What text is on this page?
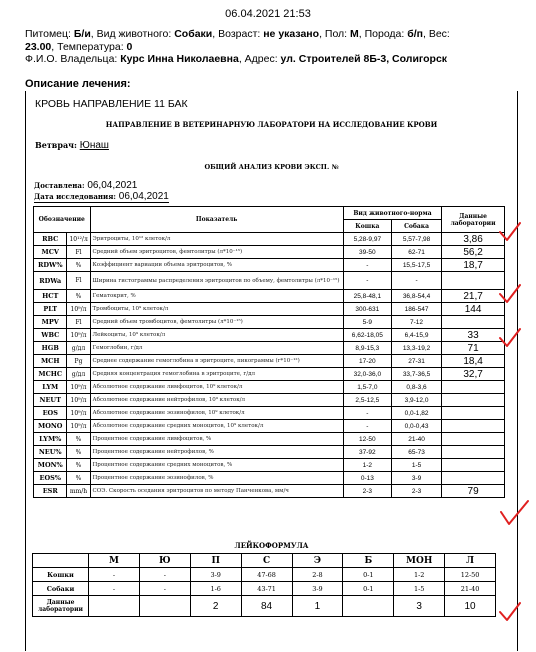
06.04.2021 21:53
Питомец: Б/и, Вид животного: Собаки, Возраст: не указано, Пол: М, Порода: б/п, Вес:
23.00, Температура: 0
Ф.И.О. Владельца: Курс Инна Николаевна, Адрес: ул. Строителей 8Б-3, Солигорск
Описание лечения:
КРОВЬ НАПРАВЛЕНИЕ 11 БАК
НАПРАВЛЕНИЕ В ВЕТЕРИНАРНУЮ ЛАБОРАТОРИ НА ИССЛЕДОВАНИЕ КРОВИ
Ветврач: Юнаш
ОБЩИЙ АНАЛИЗ КРОВИ ЭКСП. №
Доставлена: 06,04,2021
Дата исследования: 06,04,2021
Обозначение		Показатель	Вид животного-норма		Данные лаборатории
			Кошка	Собака	
RBC	10¹²/л	Эритроциты, 10¹² клеток/л	5,28-9,97	5,57-7,98	3,86
MCV	Fl	Средний объем эритроцитов, фемтолитры (л*10⁻¹⁵)	39-50	62-71	56,2
RDW%	%	Коэффициент вариации объема эритроцитов, %	-	15,5-17,5	18,7
RDWa	Fl	Ширина гистограммы распределения эритроцитов по объему, фемтолитры (л*10⁻¹⁵)	-	-	
HCT	%	Гематокрит, %	25,8-48,1	36,8-54,4	21,7
PLT	10⁹/л	Тромбоциты, 10⁹ клеток/л	300-631	186-547	144
MPV	Fl	Средний объем тромбоцитов, фемтолитры (л*10⁻¹⁵)	5-9	7-12	
WBC	10⁹/л	Лейкоциты, 10⁹ клеток/л	6,62-18,05	6,4-15,9	33
HGB	g/дл	Гемоглобин, г/дл	8,9-15,3	13,3-19,2	71
MCH	Pg	Среднее содержание гемоглобина в эритроците, пикограммы (г*10⁻¹²)	17-20	27-31	18,4
MCHC	g/дл	Средняя концентрация гемоглобина в эритроците, г/дл	32,0-36,0	33,7-36,5	32,7
LYM	10⁹/л	Абсолютное содержание лимфоцитов, 10⁹ клеток/л	1,5-7,0	0,8-3,6	
NEUT	10⁹/л	Абсолютное содержание нейтрофилов, 10⁹ клеток/л	2,5-12,5	3,9-12,0	
EOS	10⁹/л	Абсолютное содержание эозинофилов, 10⁹ клеток/л	-	0,0-1,82	
MONO	10⁹/л	Абсолютное содержание средних моноцитов, 10⁹ клеток/л	-	0,0-0,43	
LYM%	%	Процентное содержание лимфоцитов, %	12-50	21-40	
NEU%	%	Процентное содержание нейтрофилов, %	37-92	65-73	
MON%	%	Процентное содержание средних моноцитов, %	1-2	1-5	
EOS%	%	Процентное содержание эозинофилов, %	0-13	3-9	
ESR	mm/h	СОЭ. Скорость оседания эритроцитов по методу Панченкова, мм/ч	2-3	2-3	79
ЛЕЙКОФОРМУЛА
	М	Ю	П	С	Э	Б	МОН	Л
Кошки	-	-	3-9	47-68	2-8	0-1	1-2	12-50
Собаки	-	-	1-6	43-71	3-9	0-1	1-5	21-40
Данные лаборатории			2	84	1		3	10
